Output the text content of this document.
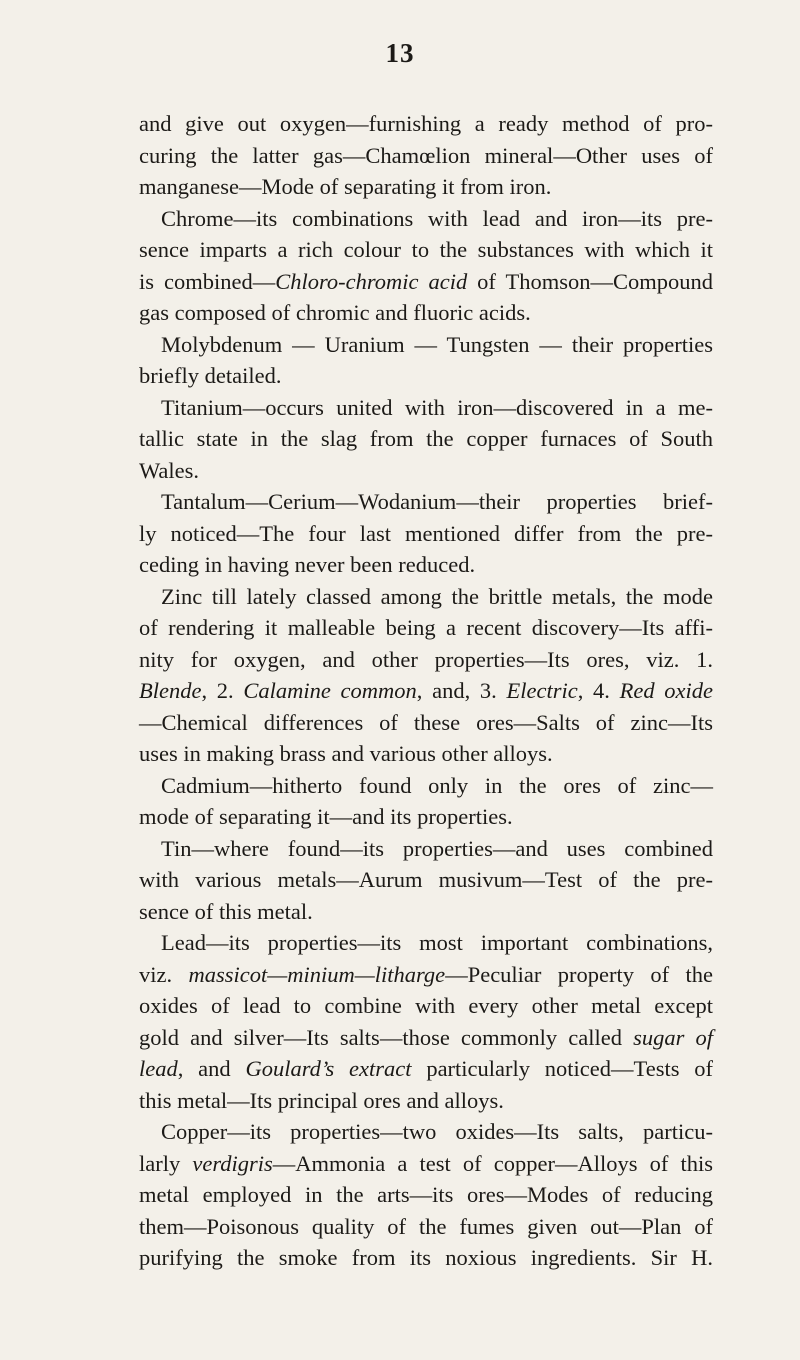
13
and give out oxygen—furnishing a ready method of pro-
curing the latter gas—Chamœlion mineral—Other uses of
manganese—Mode of separating it from iron.
Chrome—its combinations with lead and iron—its pre-
sence imparts a rich colour to the substances with which it
is combined—Chloro-chromic acid of Thomson—Compound
gas composed of chromic and fluoric acids.
Molybdenum — Uranium — Tungsten — their properties
briefly detailed.
Titanium—occurs united with iron—discovered in a me-
tallic state in the slag from the copper furnaces of South
Wales.
Tantalum—Cerium—Wodanium—their properties brief-
ly noticed—The four last mentioned differ from the pre-
ceding in having never been reduced.
Zinc till lately classed among the brittle metals, the mode
of rendering it malleable being a recent discovery—Its affi-
nity for oxygen, and other properties—Its ores, viz. 1.
Blende, 2. Calamine common, and, 3. Electric, 4. Red oxide
—Chemical differences of these ores—Salts of zinc—Its
uses in making brass and various other alloys.
Cadmium—hitherto found only in the ores of zinc—
mode of separating it—and its properties.
Tin—where found—its properties—and uses combined
with various metals—Aurum musivum—Test of the pre-
sence of this metal.
Lead—its properties—its most important combinations,
viz. massicot—minium—litharge—Peculiar property of the
oxides of lead to combine with every other metal except
gold and silver—Its salts—those commonly called sugar of
lead, and Goulard’s extract particularly noticed—Tests of
this metal—Its principal ores and alloys.
Copper—its properties—two oxides—Its salts, particu-
larly verdigris—Ammonia a test of copper—Alloys of this
metal employed in the arts—its ores—Modes of reducing
them—Poisonous quality of the fumes given out—Plan of
purifying the smoke from its noxious ingredients. Sir H.
